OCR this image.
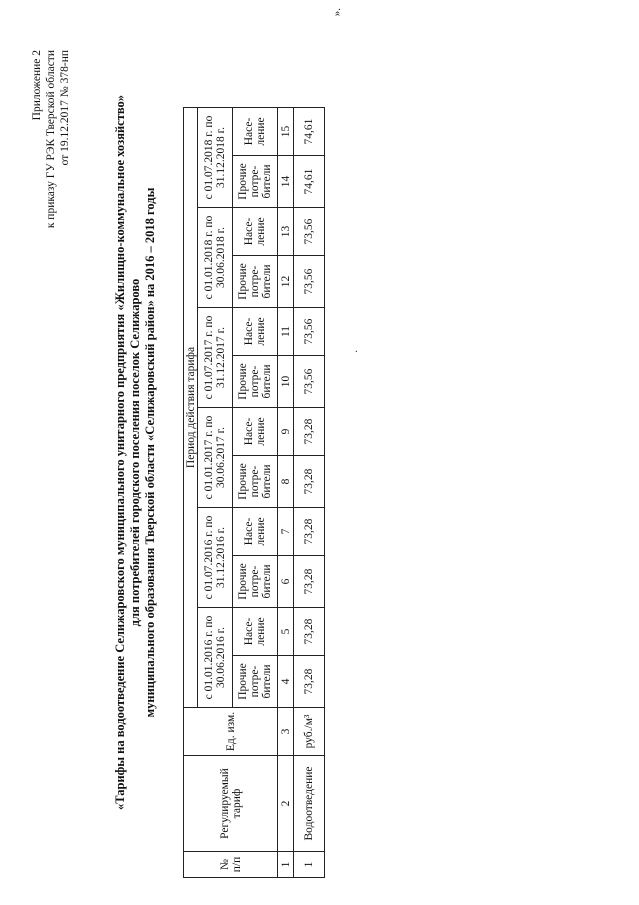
Приложение 2 к приказу ГУ РЭК Тверской области от 19.12.2017 № 378-нп	«Тарифы на водоотведение Селижаровского муниципального унитарного предприятия «Жилищно-коммунальное хозяйство» для потребителей городского поселения поселок Селижарово муниципального образования Тверской области «Селижаровский район» на 2016 – 2018 годы
№ п/п	Регулируемый тариф	Ед. изм.	Период действия тарифа											
			с 01.01.2016 г. по 30.06.2016 г.		с 01.07.2016 г. по 31.12.2016 г.		с 01.01.2017 г. по 30.06.2017 г.		с 01.07.2017 г. по 31.12.2017 г.		с 01.01.2018 г. по 30.06.2018 г.		с 01.07.2018 г. по 31.12.2018 г.	
			Прочие потре-бители	Насе-ление	Прочие потре-бители	Насе-ление	Прочие потре-бители	Насе-ление	Прочие потре-бители	Насе-ление	Прочие потре-бители	Насе-ление	Прочие потре-бители	Насе-ление
1	2	3	4	5	6	7	8	9	10	11	12	13	14	15
1	Водоотведение	руб./м³	73,28	73,28	73,28	73,28	73,28	73,28	73,56	73,56	73,56	73,56	74,61	74,61
».
·
